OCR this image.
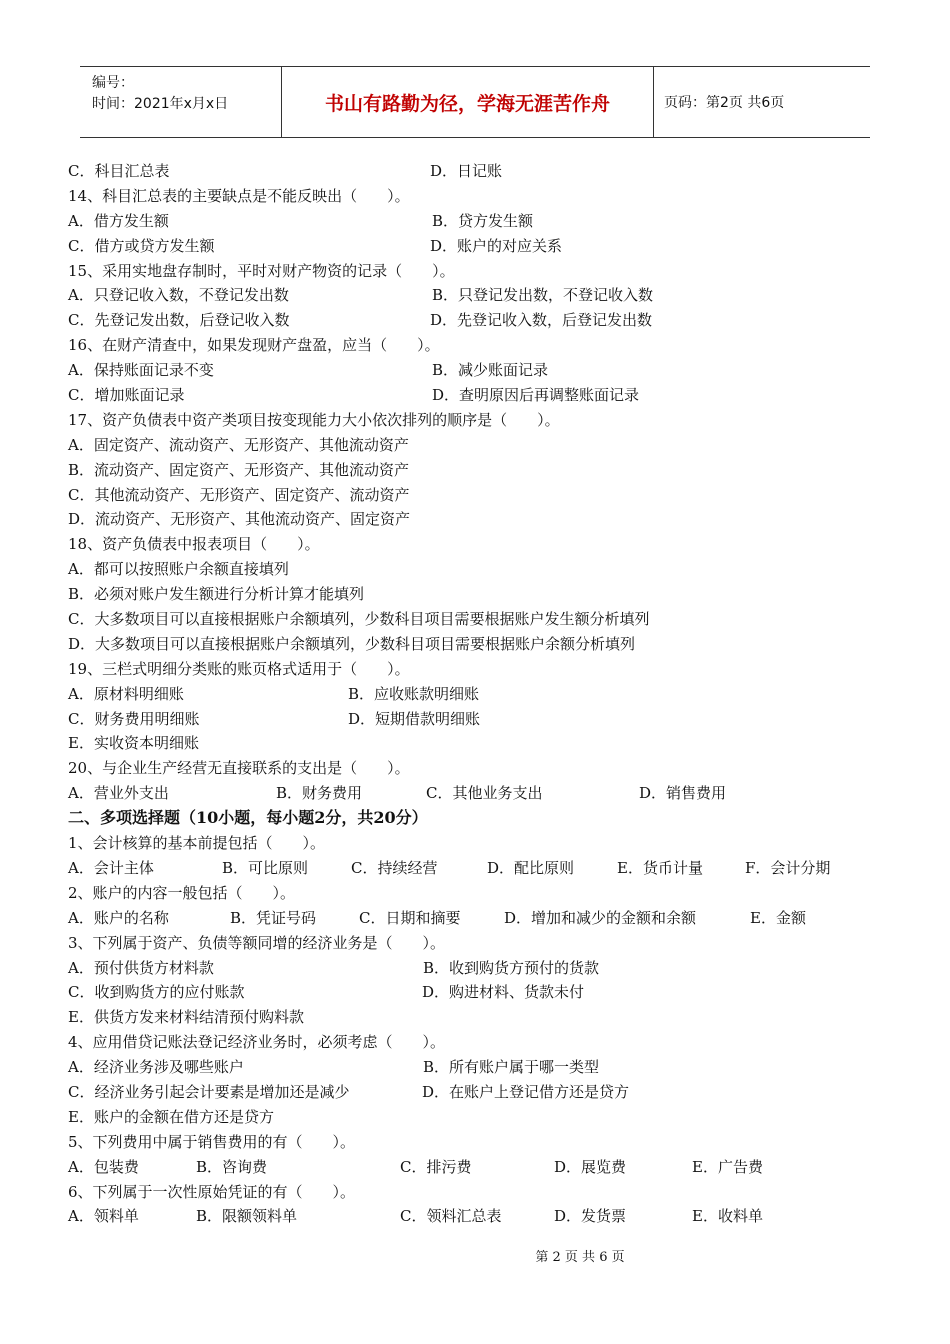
编号：
时间：2021年x月x日	书山有路勤为径，学海无涯苦作舟	页码：第2页 共6页
C．科目汇总表	D．日记账
14、科目汇总表的主要缺点是不能反映出（　　）。
A．借方发生额	B．贷方发生额
C．借方或贷方发生额	D．账户的对应关系
15、采用实地盘存制时，平时对财产物资的记录（　　）。
A．只登记收入数，不登记发出数	B．只登记发出数，不登记收入数
C．先登记发出数，后登记收入数	D．先登记收入数，后登记发出数
16、在财产清查中，如果发现财产盘盈，应当（　　）。
A．保持账面记录不变	B．减少账面记录
C．增加账面记录	D．查明原因后再调整账面记录
17、资产负债表中资产类项目按变现能力大小依次排列的顺序是（　　）。
A．固定资产、流动资产、无形资产、其他流动资产
B．流动资产、固定资产、无形资产、其他流动资产
C．其他流动资产、无形资产、固定资产、流动资产
D．流动资产、无形资产、其他流动资产、固定资产
18、资产负债表中报表项目（　　）。
A．都可以按照账户余额直接填列
B．必须对账户发生额进行分析计算才能填列
C．大多数项目可以直接根据账户余额填列，少数科目项目需要根据账户发生额分析填列
D．大多数项目可以直接根据账户余额填列，少数科目项目需要根据账户余额分析填列
19、三栏式明细分类账的账页格式适用于（　　）。
A．原材料明细账	B．应收账款明细账
C．财务费用明细账	D．短期借款明细账
E．实收资本明细账
20、与企业生产经营无直接联系的支出是（　　）。
A．营业外支出	B．财务费用	C．其他业务支出	D．销售费用
二、多项选择题（10小题，每小题2分，共20分）
1、会计核算的基本前提包括（　　）。
A．会计主体	B．可比原则	C．持续经营	D．配比原则	E．货币计量	F．会计分期
2、账户的内容一般包括（　　）。
A．账户的名称	B．凭证号码	C．日期和摘要	D．增加和减少的金额和余额	E．金额
3、下列属于资产、负债等额同增的经济业务是（　　）。
A．预付供货方材料款	B．收到购货方预付的货款
C．收到购货方的应付账款	D．购进材料、货款未付
E．供货方发来材料结清预付购料款
4、应用借贷记账法登记经济业务时，必须考虑（　　）。
A．经济业务涉及哪些账户	B．所有账户属于哪一类型
C．经济业务引起会计要素是增加还是减少	D．在账户上登记借方还是贷方
E．账户的金额在借方还是贷方
5、下列费用中属于销售费用的有（　　）。
A．包装费	B．咨询费	C．排污费	D．展览费	E．广告费
6、下列属于一次性原始凭证的有（　　）。
A．领料单	B．限额领料单	C．领料汇总表	D．发货票	E．收料单
第 2 页 共 6 页
